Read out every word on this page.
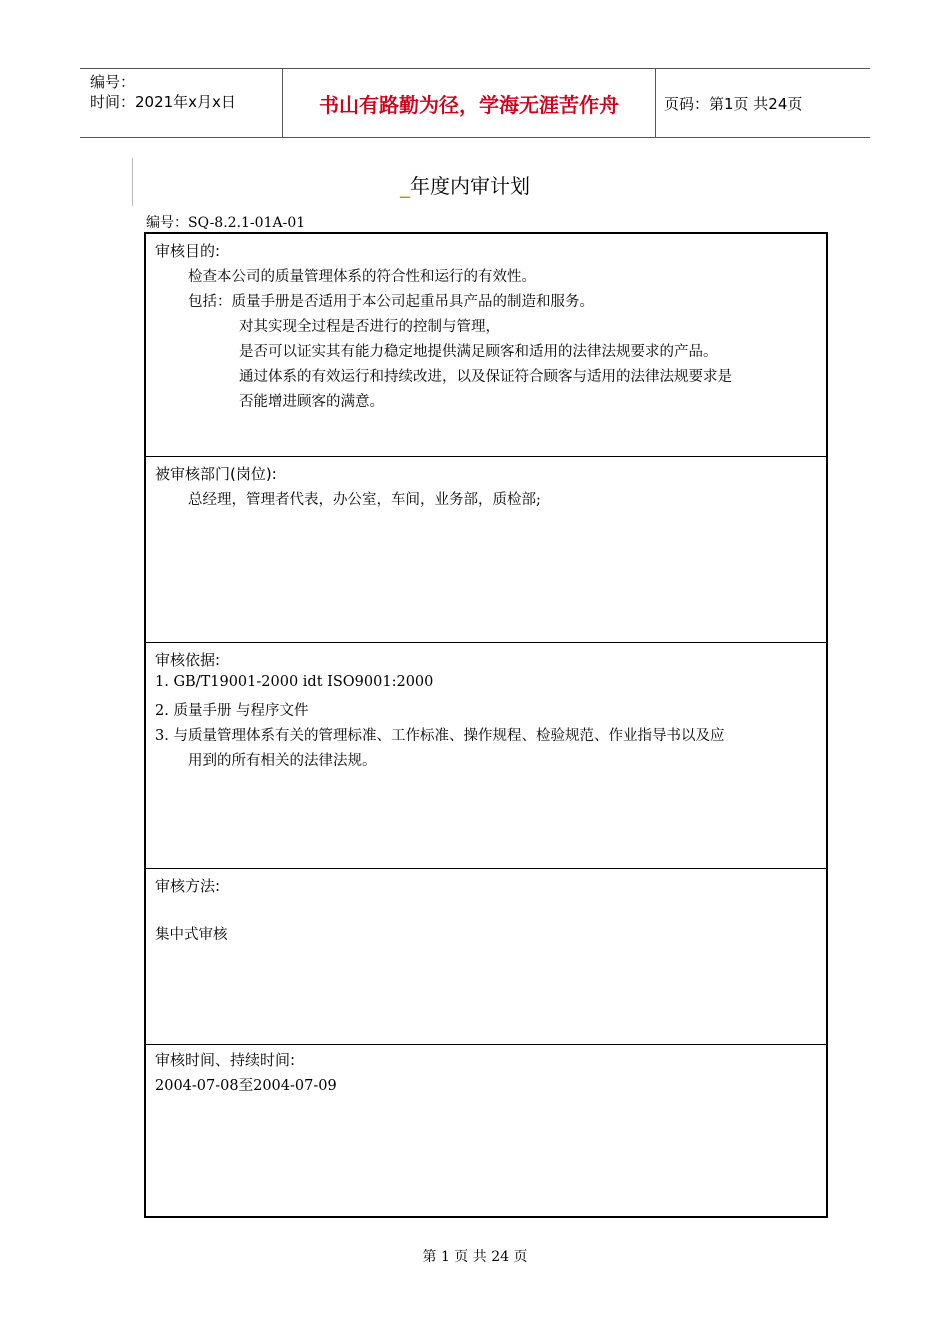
编号：
时间：2021年x月x日	书山有路勤为径，学海无涯苦作舟	页码：第1页 共24页
_年度内审计划
编号：SQ-8.2.1-01A-01
审核目的:
检查本公司的质量管理体系的符合性和运行的有效性。
包括：质量手册是否适用于本公司起重吊具产品的制造和服务。
对其实现全过程是否进行的控制与管理，
是否可以证实其有能力稳定地提供满足顾客和适用的法律法规要求的产品。
通过体系的有效运行和持续改进，以及保证符合顾客与适用的法律法规要求是
否能增进顾客的满意。
被审核部门(岗位):
总经理，管理者代表，办公室，车间，业务部，质检部;
审核依据:
1. GB/T19001-2000 idt ISO9001:2000
2. 质量手册 与程序文件
3. 与质量管理体系有关的管理标准、工作标准、操作规程、检验规范、作业指导书以及应
用到的所有相关的法律法规。
审核方法:
集中式审核
审核时间、持续时间:
2004-07-08至2004-07-09
第 1 页 共 24 页
